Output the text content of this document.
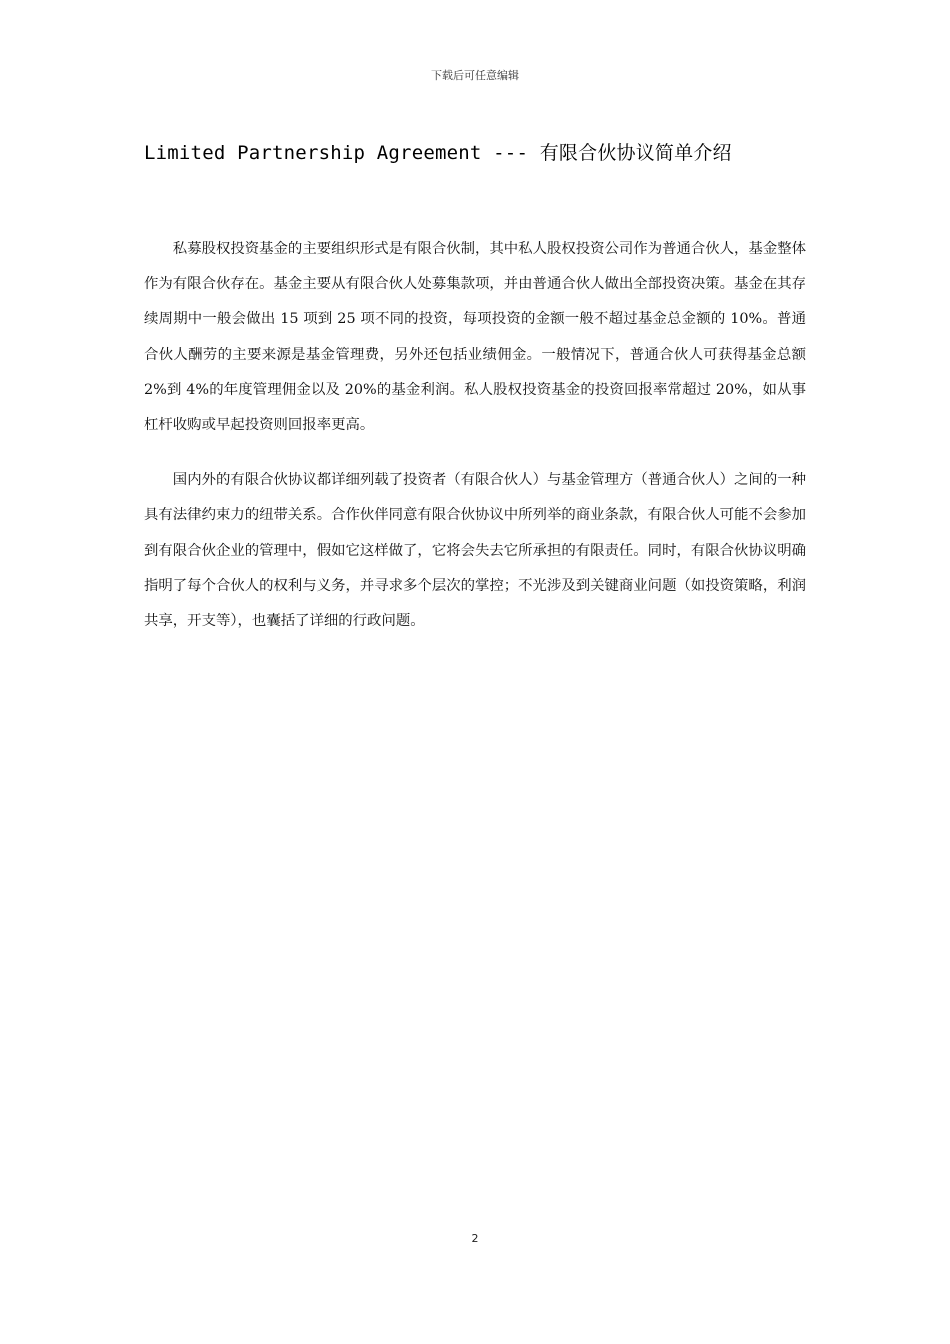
下载后可任意编辑
Limited Partnership Agreement --- 有限合伙协议简单介绍

私募股权投资基金的主要组织形式是有限合伙制，其中私人股权投资公司作为普通合伙人，基金整体作为有限合伙存在。基金主要从有限合伙人处募集款项，并由普通合伙人做出全部投资决策。基金在其存续周期中一般会做出 15 项到 25 项不同的投资，每项投资的金额一般不超过基金总金额的 10%。普通合伙人酬劳的主要来源是基金管理费，另外还包括业绩佣金。一般情况下，普通合伙人可获得基金总额 2%到 4%的年度管理佣金以及 20%的基金利润。私人股权投资基金的投资回报率常超过 20%，如从事杠杆收购或早起投资则回报率更高。

国内外的有限合伙协议都详细列载了投资者（有限合伙人）与基金管理方（普通合伙人）之间的一种具有法律约束力的纽带关系。合作伙伴同意有限合伙协议中所列举的商业条款，有限合伙人可能不会参加到有限合伙企业的管理中，假如它这样做了，它将会失去它所承担的有限责任。同时，有限合伙协议明确指明了每个合伙人的权利与义务，并寻求多个层次的掌控；不光涉及到关键商业问题（如投资策略，利润共享，开支等），也囊括了详细的行政问题。

2
